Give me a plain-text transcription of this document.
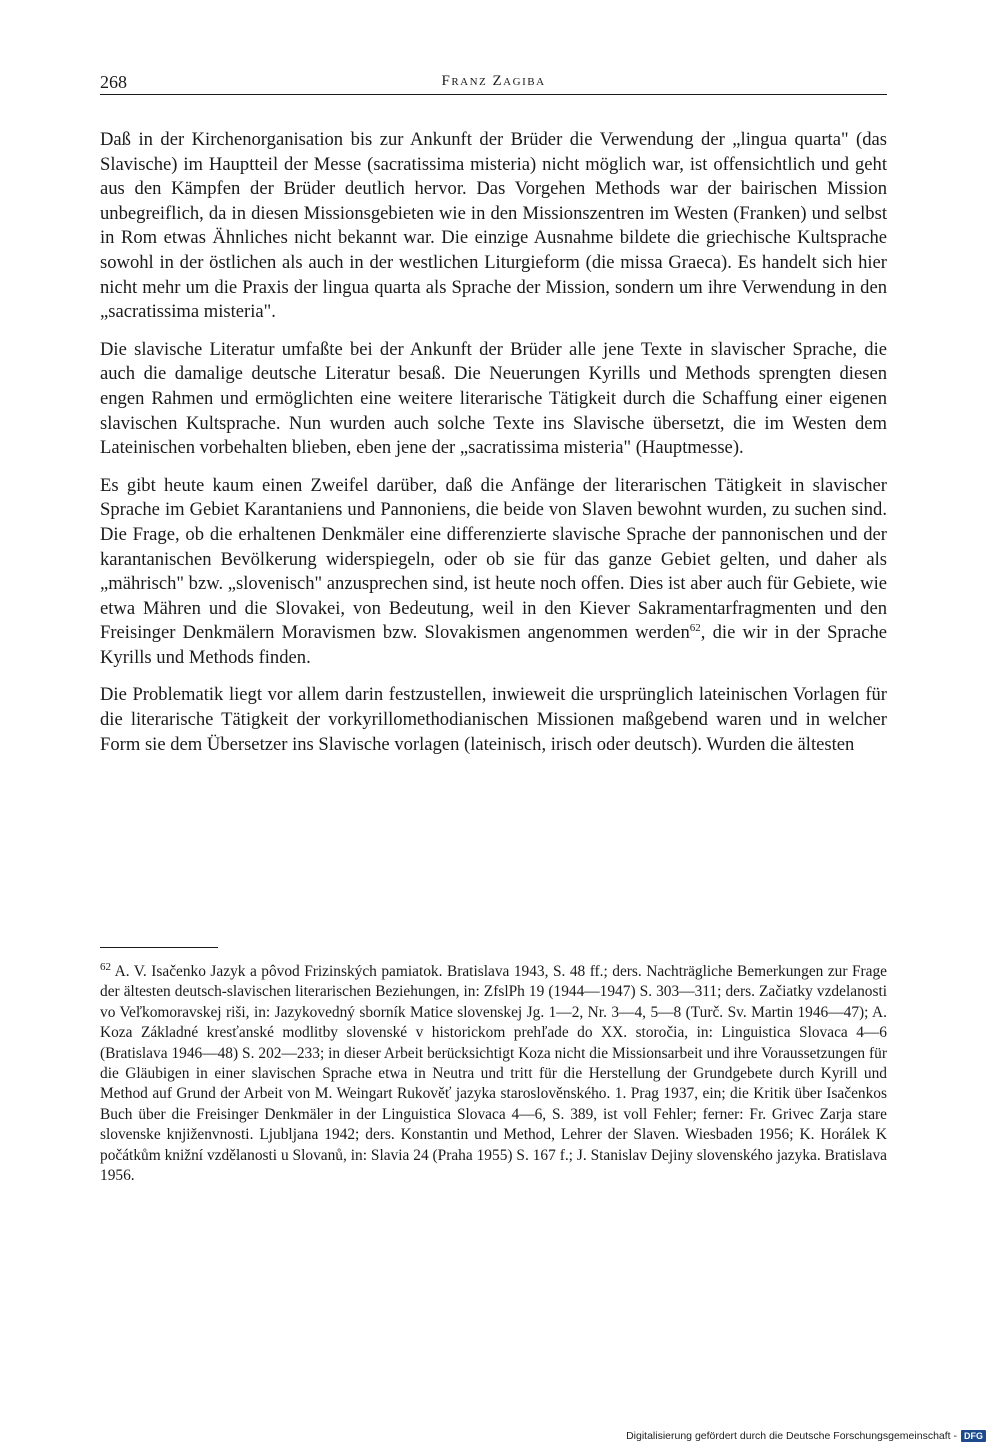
268	Franz Zagiba

Daß in der Kirchenorganisation bis zur Ankunft der Brüder die Verwendung der „lingua quarta" (das Slavische) im Hauptteil der Messe (sacratissima misteria) nicht möglich war, ist offensichtlich und geht aus den Kämpfen der Brüder deutlich hervor. Das Vorgehen Methods war der bairischen Mission unbegreiflich, da in diesen Missionsgebieten wie in den Missionszentren im Westen (Franken) und selbst in Rom etwas Ähnliches nicht bekannt war. Die einzige Ausnahme bildete die griechische Kultsprache sowohl in der östlichen als auch in der westlichen Liturgieform (die missa Graeca). Es handelt sich hier nicht mehr um die Praxis der lingua quarta als Sprache der Mission, sondern um ihre Verwendung in den „sacratissima misteria".

Die slavische Literatur umfaßte bei der Ankunft der Brüder alle jene Texte in slavischer Sprache, die auch die damalige deutsche Literatur besaß. Die Neuerungen Kyrills und Methods sprengten diesen engen Rahmen und ermöglichten eine weitere literarische Tätigkeit durch die Schaffung einer eigenen slavischen Kultsprache. Nun wurden auch solche Texte ins Slavische übersetzt, die im Westen dem Lateinischen vorbehalten blieben, eben jene der „sacratissima misteria" (Hauptmesse).

Es gibt heute kaum einen Zweifel darüber, daß die Anfänge der literarischen Tätigkeit in slavischer Sprache im Gebiet Karantaniens und Pannoniens, die beide von Slaven bewohnt wurden, zu suchen sind. Die Frage, ob die erhaltenen Denkmäler eine differenzierte slavische Sprache der pannonischen und der karantanischen Bevölkerung widerspiegeln, oder ob sie für das ganze Gebiet gelten, und daher als „mährisch" bzw. „slovenisch" anzusprechen sind, ist heute noch offen. Dies ist aber auch für Gebiete, wie etwa Mähren und die Slovakei, von Bedeutung, weil in den Kiever Sakramentarfragmenten und den Freisinger Denkmälern Moravismen bzw. Slovakismen angenommen werden$^{62}$, die wir in der Sprache Kyrills und Methods finden.

Die Problematik liegt vor allem darin festzustellen, inwieweit die ursprünglich lateinischen Vorlagen für die literarische Tätigkeit der vorkyrillomethodianischen Missionen maßgebend waren und in welcher Form sie dem Übersetzer ins Slavische vorlagen (lateinisch, irisch oder deutsch). Wurden die ältesten

$^{62}$ A. V. Isačenko Jazyk a pôvod Frizinských pamiatok. Bratislava 1943, S. 48 ff.; ders. Nachträgliche Bemerkungen zur Frage der ältesten deutsch-slavischen literarischen Beziehungen, in: ZfslPh 19 (1944—1947) S. 303—311; ders. Začiatky vzdelanosti vo Veľkomoravskej riši, in: Jazykovedný sborník Matice slovenskej Jg. 1—2, Nr. 3—4, 5—8 (Turč. Sv. Martin 1946—47); A. Koza Základné kresťanské modlitby slovenské v historickom prehľade do XX. storočia, in: Linguistica Slovaca 4—6 (Bratislava 1946—48) S. 202—233; in dieser Arbeit berücksichtigt Koza nicht die Missionsarbeit und ihre Voraussetzungen für die Gläubigen in einer slavischen Sprache etwa in Neutra und tritt für die Herstellung der Grundgebete durch Kyrill und Method auf Grund der Arbeit von M. Weingart Rukověť jazyka staroslověnského. 1. Prag 1937, ein; die Kritik über Isačenkos Buch über die Freisinger Denkmäler in der Linguistica Slovaca 4—6, S. 389, ist voll Fehler; ferner: Fr. Grivec Zarja stare slovenske knjiženvnosti. Ljubljana 1942; ders. Konstantin und Method, Lehrer der Slaven. Wiesbaden 1956; K. Horálek K počátkům knižní vzdělanosti u Slovanů, in: Slavia 24 (Praha 1955) S. 167 f.; J. Stanislav Dejiny slovenského jazyka. Bratislava 1956.

Digitalisierung gefördert durch die Deutsche Forschungsgemeinschaft - DFG
